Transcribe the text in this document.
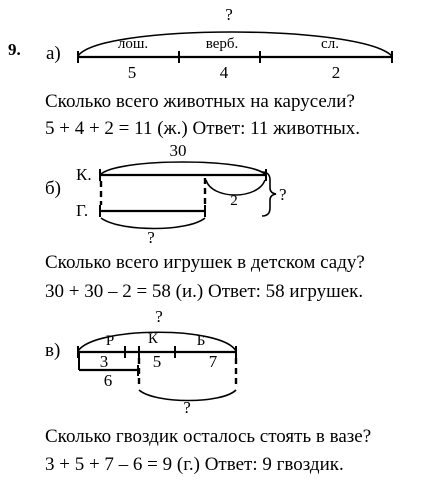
9. а)
?
лош.	верб.	сл.
5	4	2
Сколько всего животных на карусели?
5 + 4 + 2 = 11 (ж.) Ответ: 11 животных.
б)
К.
Г.
30
2 ?
?
Сколько всего игрушек в детском саду?
30 + 30 – 2 = 58 (и.) Ответ: 58 игрушек.
в)
?
Р К	Б
3	5	7
6
?
Сколько гвоздик осталось стоять в вазе?
3 + 5 + 7 – 6 = 9 (г.) Ответ: 9 гвоздик.
